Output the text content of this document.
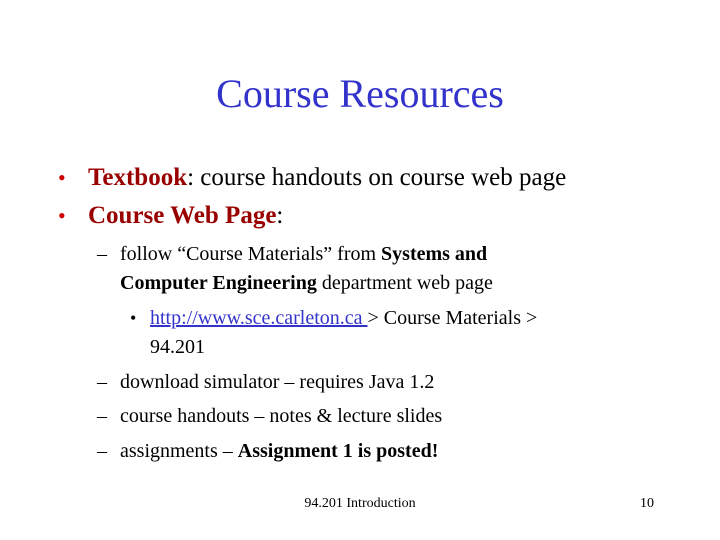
Course Resources
• Textbook: course handouts on course web page
• Course Web Page:
– follow “Course Materials” from Systems and
Computer Engineering department web page
• http://www.sce.carleton.ca > Course Materials >
94.201
– download simulator – requires Java 1.2
– course handouts – notes & lecture slides
– assignments – Assignment 1 is posted!
94.201 Introduction	10
